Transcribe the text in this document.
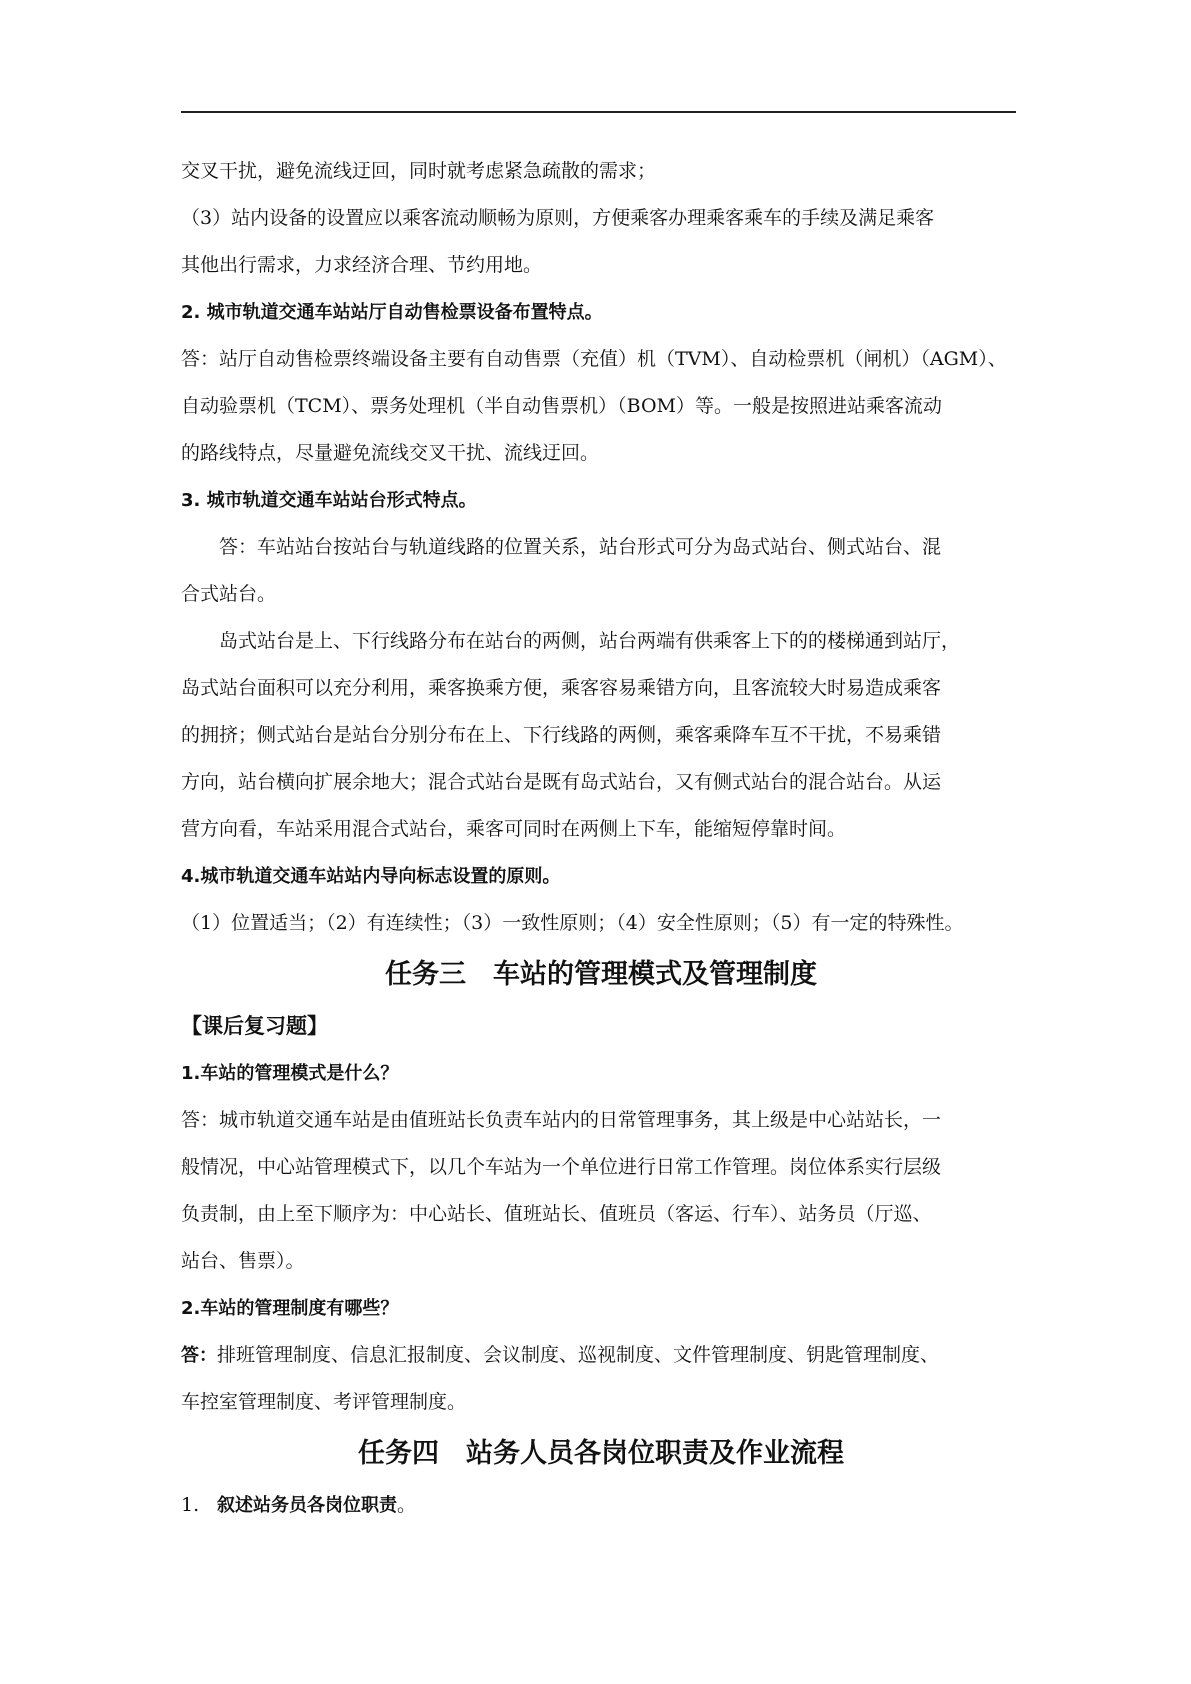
交叉干扰，避免流线迂回，同时就考虑紧急疏散的需求；

（3）站内设备的设置应以乘客流动顺畅为原则，方便乘客办理乘客乘车的手续及满足乘客

其他出行需求，力求经济合理、节约用地。

2. 城市轨道交通车站站厅自动售检票设备布置特点。

答：站厅自动售检票终端设备主要有自动售票（充值）机（TVM）、自动检票机（闸机）（AGM）、

自动验票机（TCM）、票务处理机（半自动售票机）（BOM）等。一般是按照进站乘客流动

的路线特点，尽量避免流线交叉干扰、流线迂回。

3. 城市轨道交通车站站台形式特点。

答：车站站台按站台与轨道线路的位置关系，站台形式可分为岛式站台、侧式站台、混

合式站台。

岛式站台是上、下行线路分布在站台的两侧，站台两端有供乘客上下的的楼梯通到站厅，

岛式站台面积可以充分利用，乘客换乘方便，乘客容易乘错方向，且客流较大时易造成乘客

的拥挤；侧式站台是站台分别分布在上、下行线路的两侧，乘客乘降车互不干扰，不易乘错

方向，站台横向扩展余地大；混合式站台是既有岛式站台，又有侧式站台的混合站台。从运

营方向看，车站采用混合式站台，乘客可同时在两侧上下车，能缩短停靠时间。

4.城市轨道交通车站站内导向标志设置的原则。

（1）位置适当；（2）有连续性；（3）一致性原则；（4）安全性原则；（5）有一定的特殊性。

任务三　车站的管理模式及管理制度

【课后复习题】

1.车站的管理模式是什么？

答：城市轨道交通车站是由值班站长负责车站内的日常管理事务，其上级是中心站站长，一

般情况，中心站管理模式下，以几个车站为一个单位进行日常工作管理。岗位体系实行层级

负责制，由上至下顺序为：中心站长、值班站长、值班员（客运、行车）、站务员（厅巡、

站台、售票）。

2.车站的管理制度有哪些？

答：排班管理制度、信息汇报制度、会议制度、巡视制度、文件管理制度、钥匙管理制度、

车控室管理制度、考评管理制度。

任务四　站务人员各岗位职责及作业流程

1. 叙述站务员各岗位职责。
